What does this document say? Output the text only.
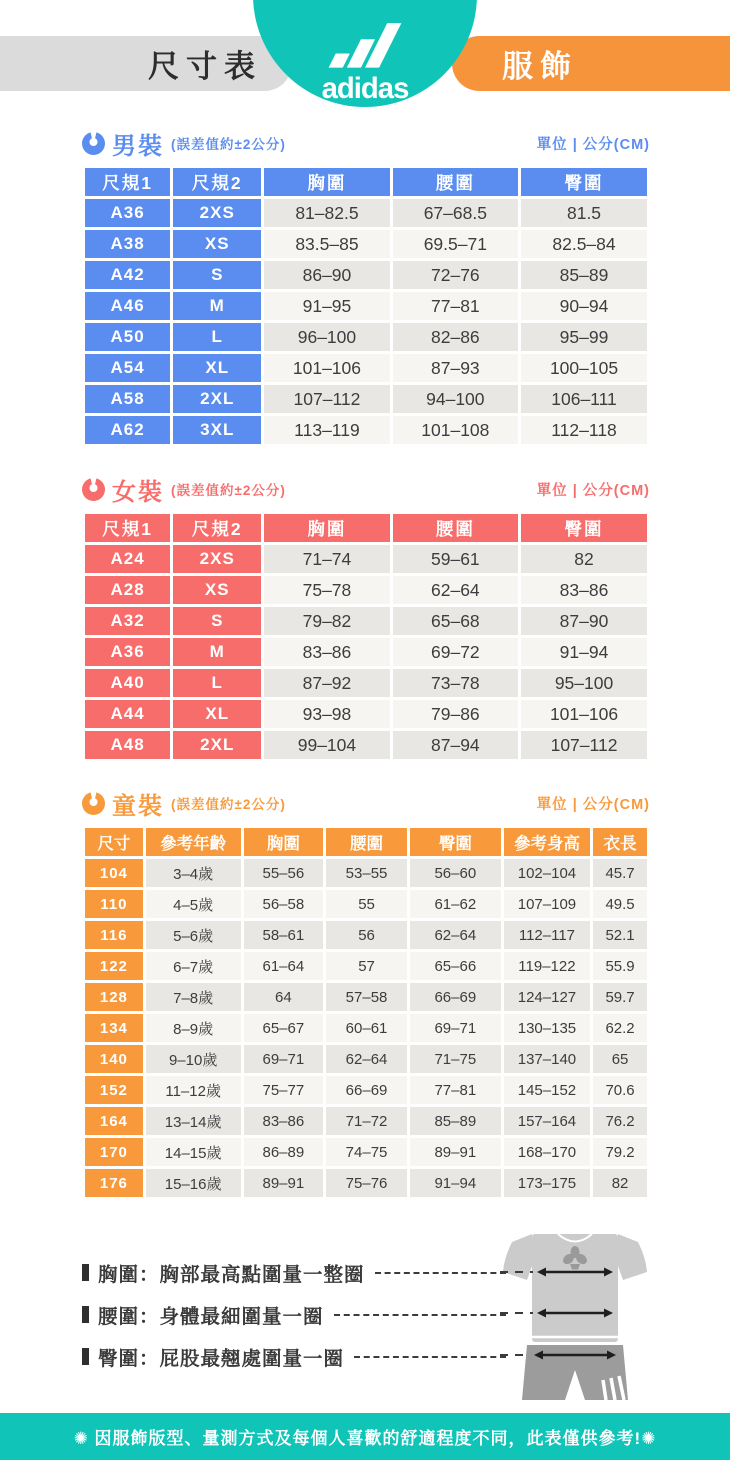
尺寸表	服飾
adidas
男裝 (誤差值約±2公分)	單位 | 公分(CM)
尺規1	尺規2	胸圍	腰圍	臀圍
A36	2XS	81–82.5	67–68.5	81.5
A38	XS	83.5–85	69.5–71	82.5–84
A42	S	86–90	72–76	85–89
A46	M	91–95	77–81	90–94
A50	L	96–100	82–86	95–99
A54	XL	101–106	87–93	100–105
A58	2XL	107–112	94–100	106–111
A62	3XL	113–119	101–108	112–118
女裝 (誤差值約±2公分)	單位 | 公分(CM)
尺規1	尺規2	胸圍	腰圍	臀圍
A24	2XS	71–74	59–61	82
A28	XS	75–78	62–64	83–86
A32	S	79–82	65–68	87–90
A36	M	83–86	69–72	91–94
A40	L	87–92	73–78	95–100
A44	XL	93–98	79–86	101–106
A48	2XL	99–104	87–94	107–112
童裝 (誤差值約±2公分)	單位 | 公分(CM)
尺寸	參考年齡	胸圍	腰圍	臀圍	參考身高	衣長
104	3–4歲	55–56	53–55	56–60	102–104	45.7
110	4–5歲	56–58	55	61–62	107–109	49.5
116	5–6歲	58–61	56	62–64	112–117	52.1
122	6–7歲	61–64	57	65–66	119–122	55.9
128	7–8歲	64	57–58	66–69	124–127	59.7
134	8–9歲	65–67	60–61	69–71	130–135	62.2
140	9–10歲	69–71	62–64	71–75	137–140	65
152	11–12歲	75–77	66–69	77–81	145–152	70.6
164	13–14歲	83–86	71–72	85–89	157–164	76.2
170	14–15歲	86–89	74–75	89–91	168–170	79.2
176	15–16歲	89–91	75–76	91–94	173–175	82
胸圍：胸部最高點圍量一整圈
腰圍：身體最細圍量一圈
臀圍：屁股最翹處圍量一圈
✺ 因服飾版型、量測方式及每個人喜歡的舒適程度不同，此表僅供參考!✺
